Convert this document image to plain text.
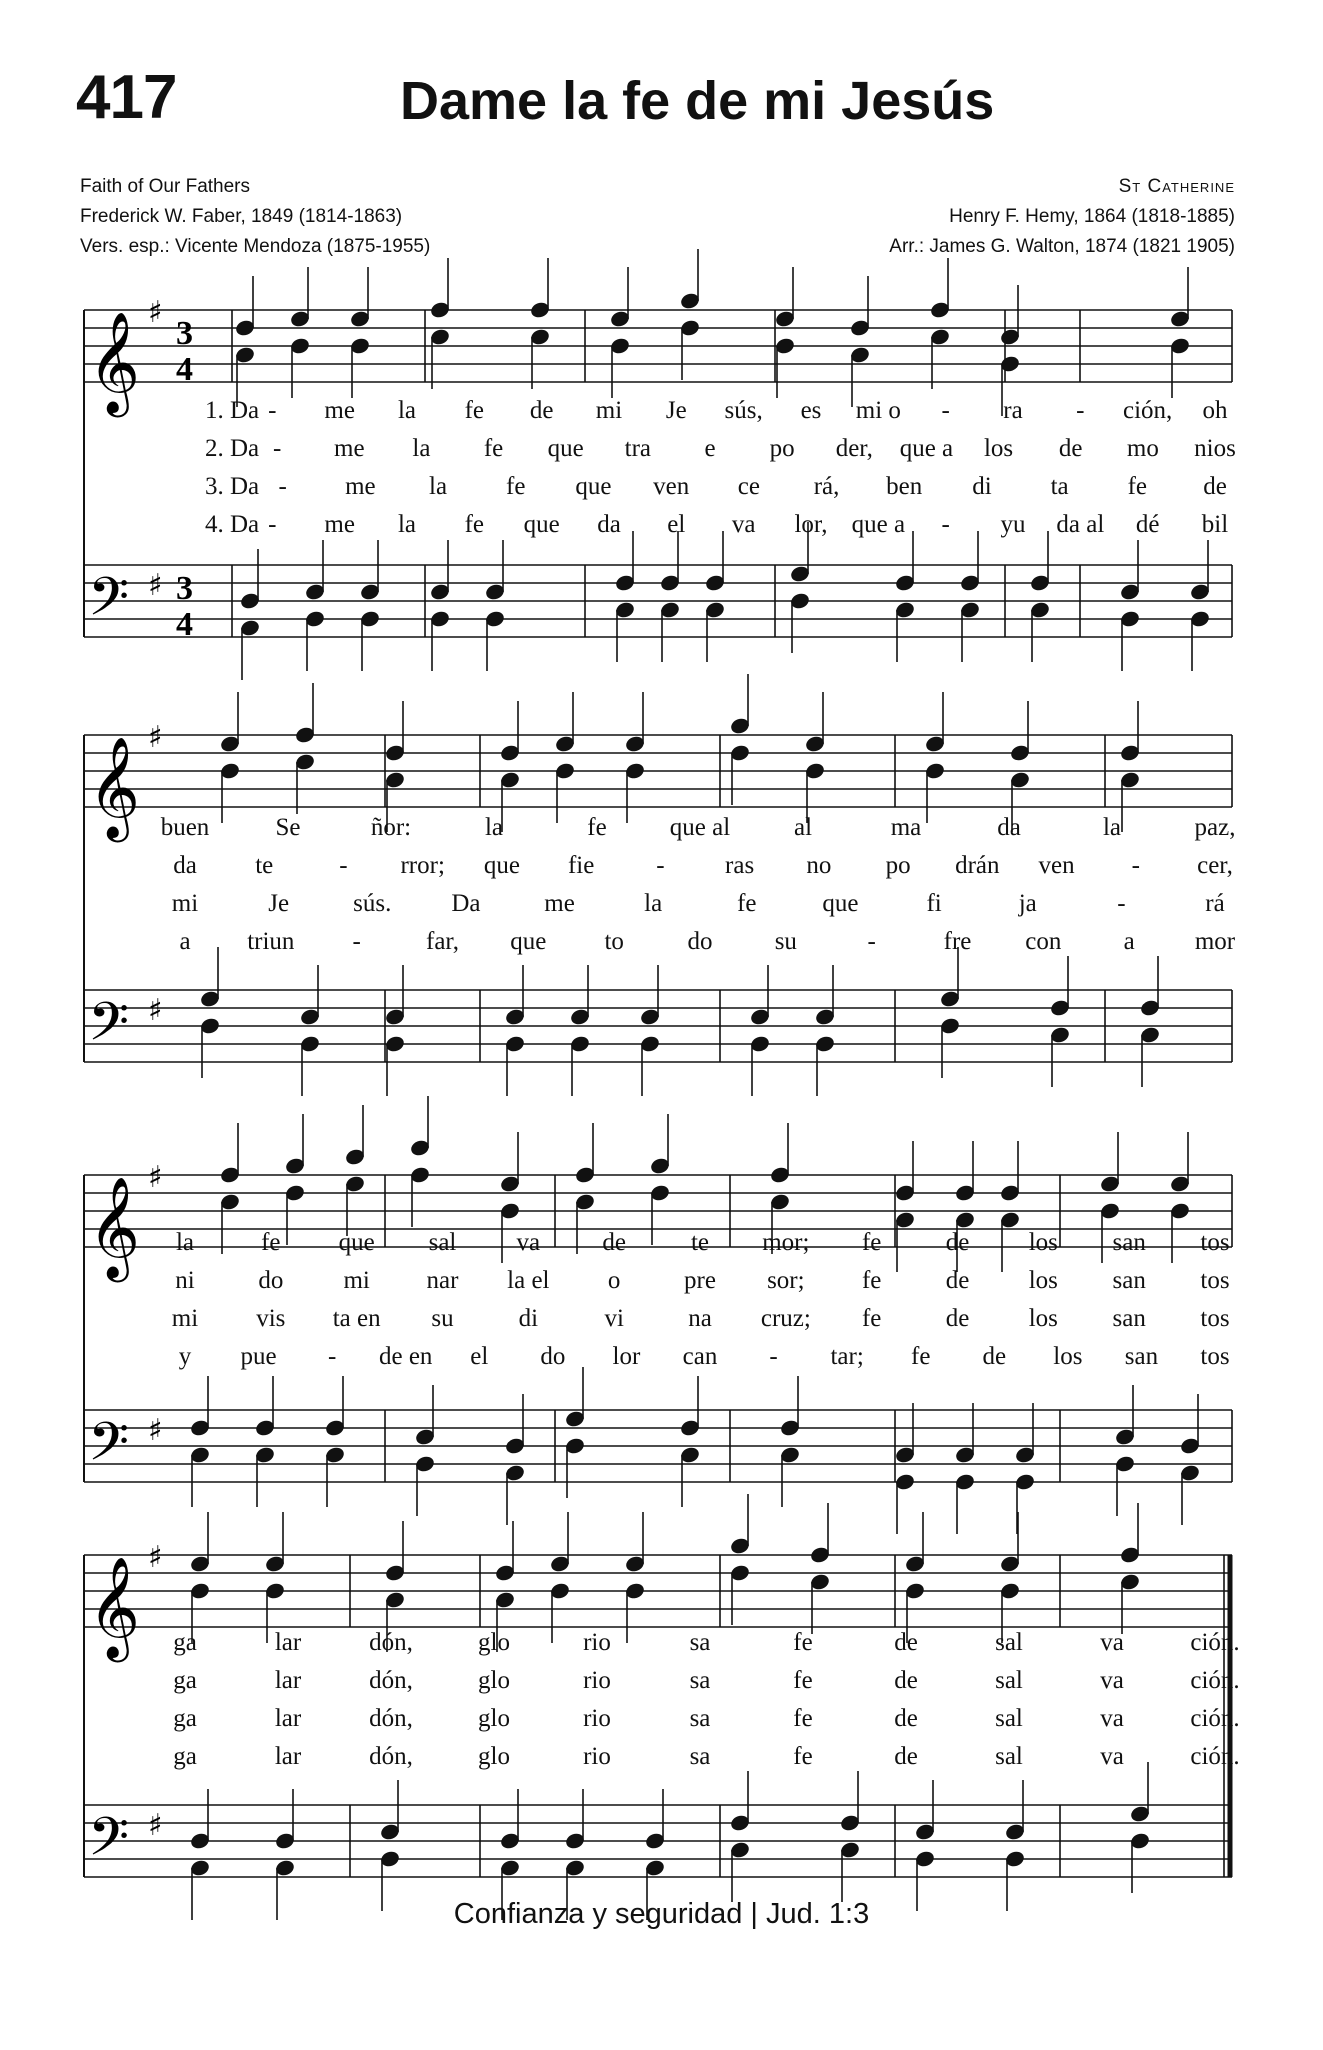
417	Dame la fe de mi Jesús
Faith of Our Fathers
Frederick W. Faber, 1849 (1814-1863)
Vers. esp.: Vicente Mendoza (1875-1955)
St Catherine
Henry F. Hemy, 1864 (1818-1885)
Arr.: James G. Walton, 1874 (1821 1905)
𝄞
𝄢
♯
♯
3
4
3
4
1. Da - me la fe de mi Je sús, es mi o - ra - ción, oh
2. Da - me la fe que tra e po der, que a los de mo nios
3. Da - me la fe que ven ce rá, ben di ta fe de
4. Da - me la fe que da el va lor, que a - yu da al dé bil
𝄞
𝄢
♯
♯
buen	Se	ñor:	la	fe	que al	al	ma	da	la	paz,
da te	- rror; que fie - ras no po drán ven - cer,
mi	Je	sús. Da	me	la	fe	que	fi	ja	-	rá
a triun -	far, que to	do su	-	fre con a mor
𝄞
𝄢
♯
♯
la	fe que sal va de	te mor; fe	de los san tos
ni	do mi nar la el o	pre sor; fe	de los san tos
mi vis ta en su	di	vi	na cruz; fe	de los san tos
y pue - de en el do lor can - tar; fe de los san tos
𝄞
𝄢
♯
♯
ga	lar	dón,	glo	rio	sa	fe	de	sal	va	ción.
ga	lar	dón,	glo	rio	sa	fe	de	sal	va	ción.
ga	lar	dón,	glo	rio	sa	fe	de	sal	va	ción.
ga	lar	dón,	glo	rio	sa	fe	de	sal	va	ción.
Confianza y seguridad | Jud. 1:3
